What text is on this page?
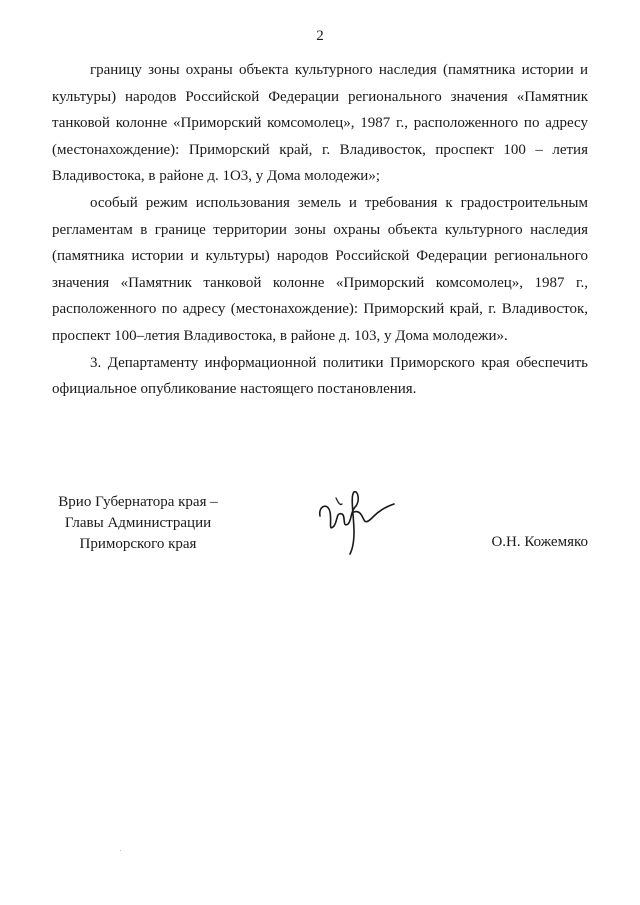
2

границу зоны охраны объекта культурного наследия (памятника истории и культуры) народов Российской Федерации регионального значения «Памятник танковой колонне «Приморский комсомолец», 1987 г., расположенного по адресу (местонахождение): Приморский край, г. Владивосток, проспект 100 – летия Владивостока, в районе д. 1О3, у Дома молодежи»;

особый режим использования земель и требования к градостроительным регламентам в границе территории зоны охраны объекта культурного наследия (памятника истории и культуры) народов Российской Федерации регионального значения «Памятник танковой колонне «Приморский комсомолец», 1987 г., расположенного по адресу (местонахождение): Приморский край, г. Владивосток, проспект 100–летия Владивостока, в районе д. 103, у Дома молодежи».

3. Департаменту информационной политики Приморского края обеспечить официальное опубликование настоящего постановления.

Врио Губернатора края –
Главы Администрации
Приморского края	О.Н. Кожемяко
